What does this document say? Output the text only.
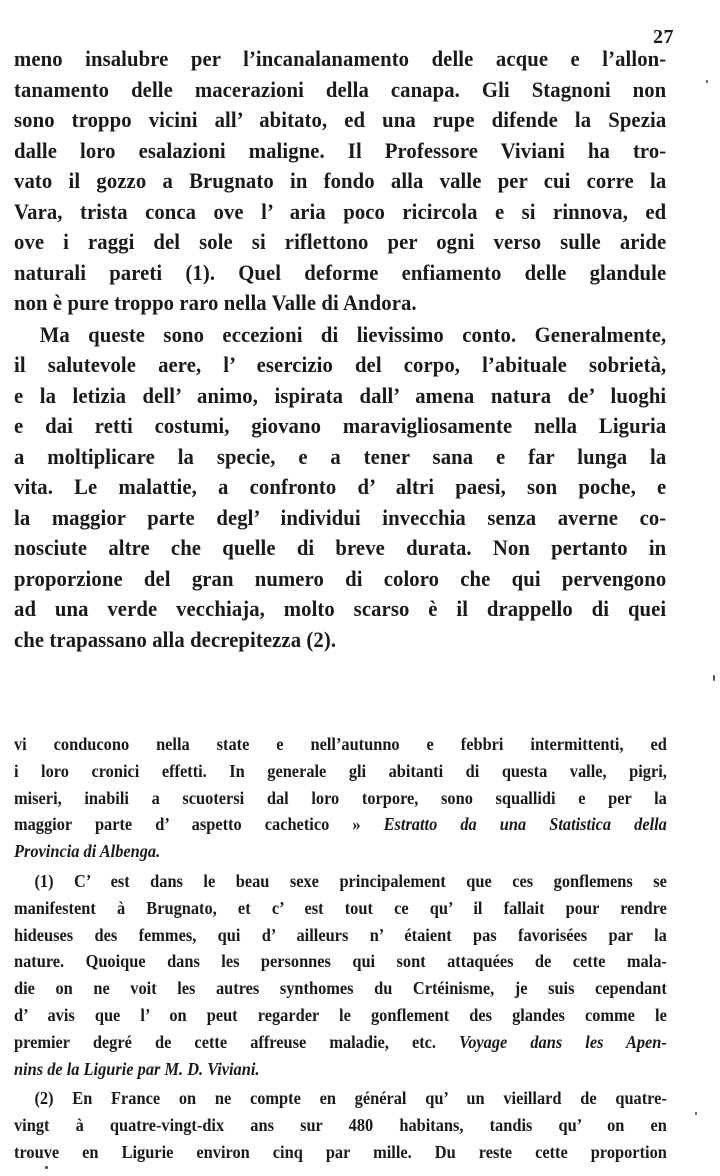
27
meno insalubre per l’incanalanamento delle acque e l’allon-
tanamento delle macerazioni della canapa. Gli Stagnoni non
sono troppo vicini all’ abitato, ed una rupe difende la Spezia
dalle loro esalazioni maligne. Il Professore Viviani ha tro-
vato il gozzo a Brugnato in fondo alla valle per cui corre la
Vara, trista conca ove l’ aria poco ricircola e si rinnova, ed
ove i raggi del sole si riflettono per ogni verso sulle aride
naturali pareti (1). Quel deforme enfiamento delle glandule
non è pure troppo raro nella Valle di Andora.
Ma queste sono eccezioni di lievissimo conto. Generalmente,
il salutevole aere, l’ esercizio del corpo, l’abituale sobrietà,
e la letizia dell’ animo, ispirata dall’ amena natura de’ luoghi
e dai retti costumi, giovano maravigliosamente nella Liguria
a moltiplicare la specie, e a tener sana e far lunga la
vita. Le malattie, a confronto d’ altri paesi, son poche, e
la maggior parte degl’ individui invecchia senza averne co-
nosciute altre che quelle di breve durata. Non pertanto in
proporzione del gran numero di coloro che qui pervengono
ad una verde vecchiaja, molto scarso è il drappello di quei
che trapassano alla decrepitezza (2).
vi conducono nella state e nell’autunno e febbri intermittenti, ed
i loro cronici effetti. In generale gli abitanti di questa valle, pigri,
miseri, inabili a scuotersi dal loro torpore, sono squallidi e per la
maggior parte d’ aspetto cachetico » Estratto da una Statistica della
Provincia di Albenga.
(1) C’ est dans le beau sexe principalement que ces gonflemens se
manifestent à Brugnato, et c’ est tout ce qu’ il fallait pour rendre
hideuses des femmes, qui d’ ailleurs n’ étaient pas favorisées par la
nature. Quoique dans les personnes qui sont attaquées de cette mala-
die on ne voit les autres synthomes du Crtéinisme, je suis cependant
d’ avis que l’ on peut regarder le gonflement des glandes comme le
premier degré de cette affreuse maladie, etc. Voyage dans les Apen-
nins de la Ligurie par M. D. Viviani.
(2) En France on ne compte en général qu’ un vieillard de quatre-
vingt à quatre-vingt-dix ans sur 480 habitans, tandis qu’ on en
trouve en Ligurie environ cinq par mille. Du reste cette proportion
